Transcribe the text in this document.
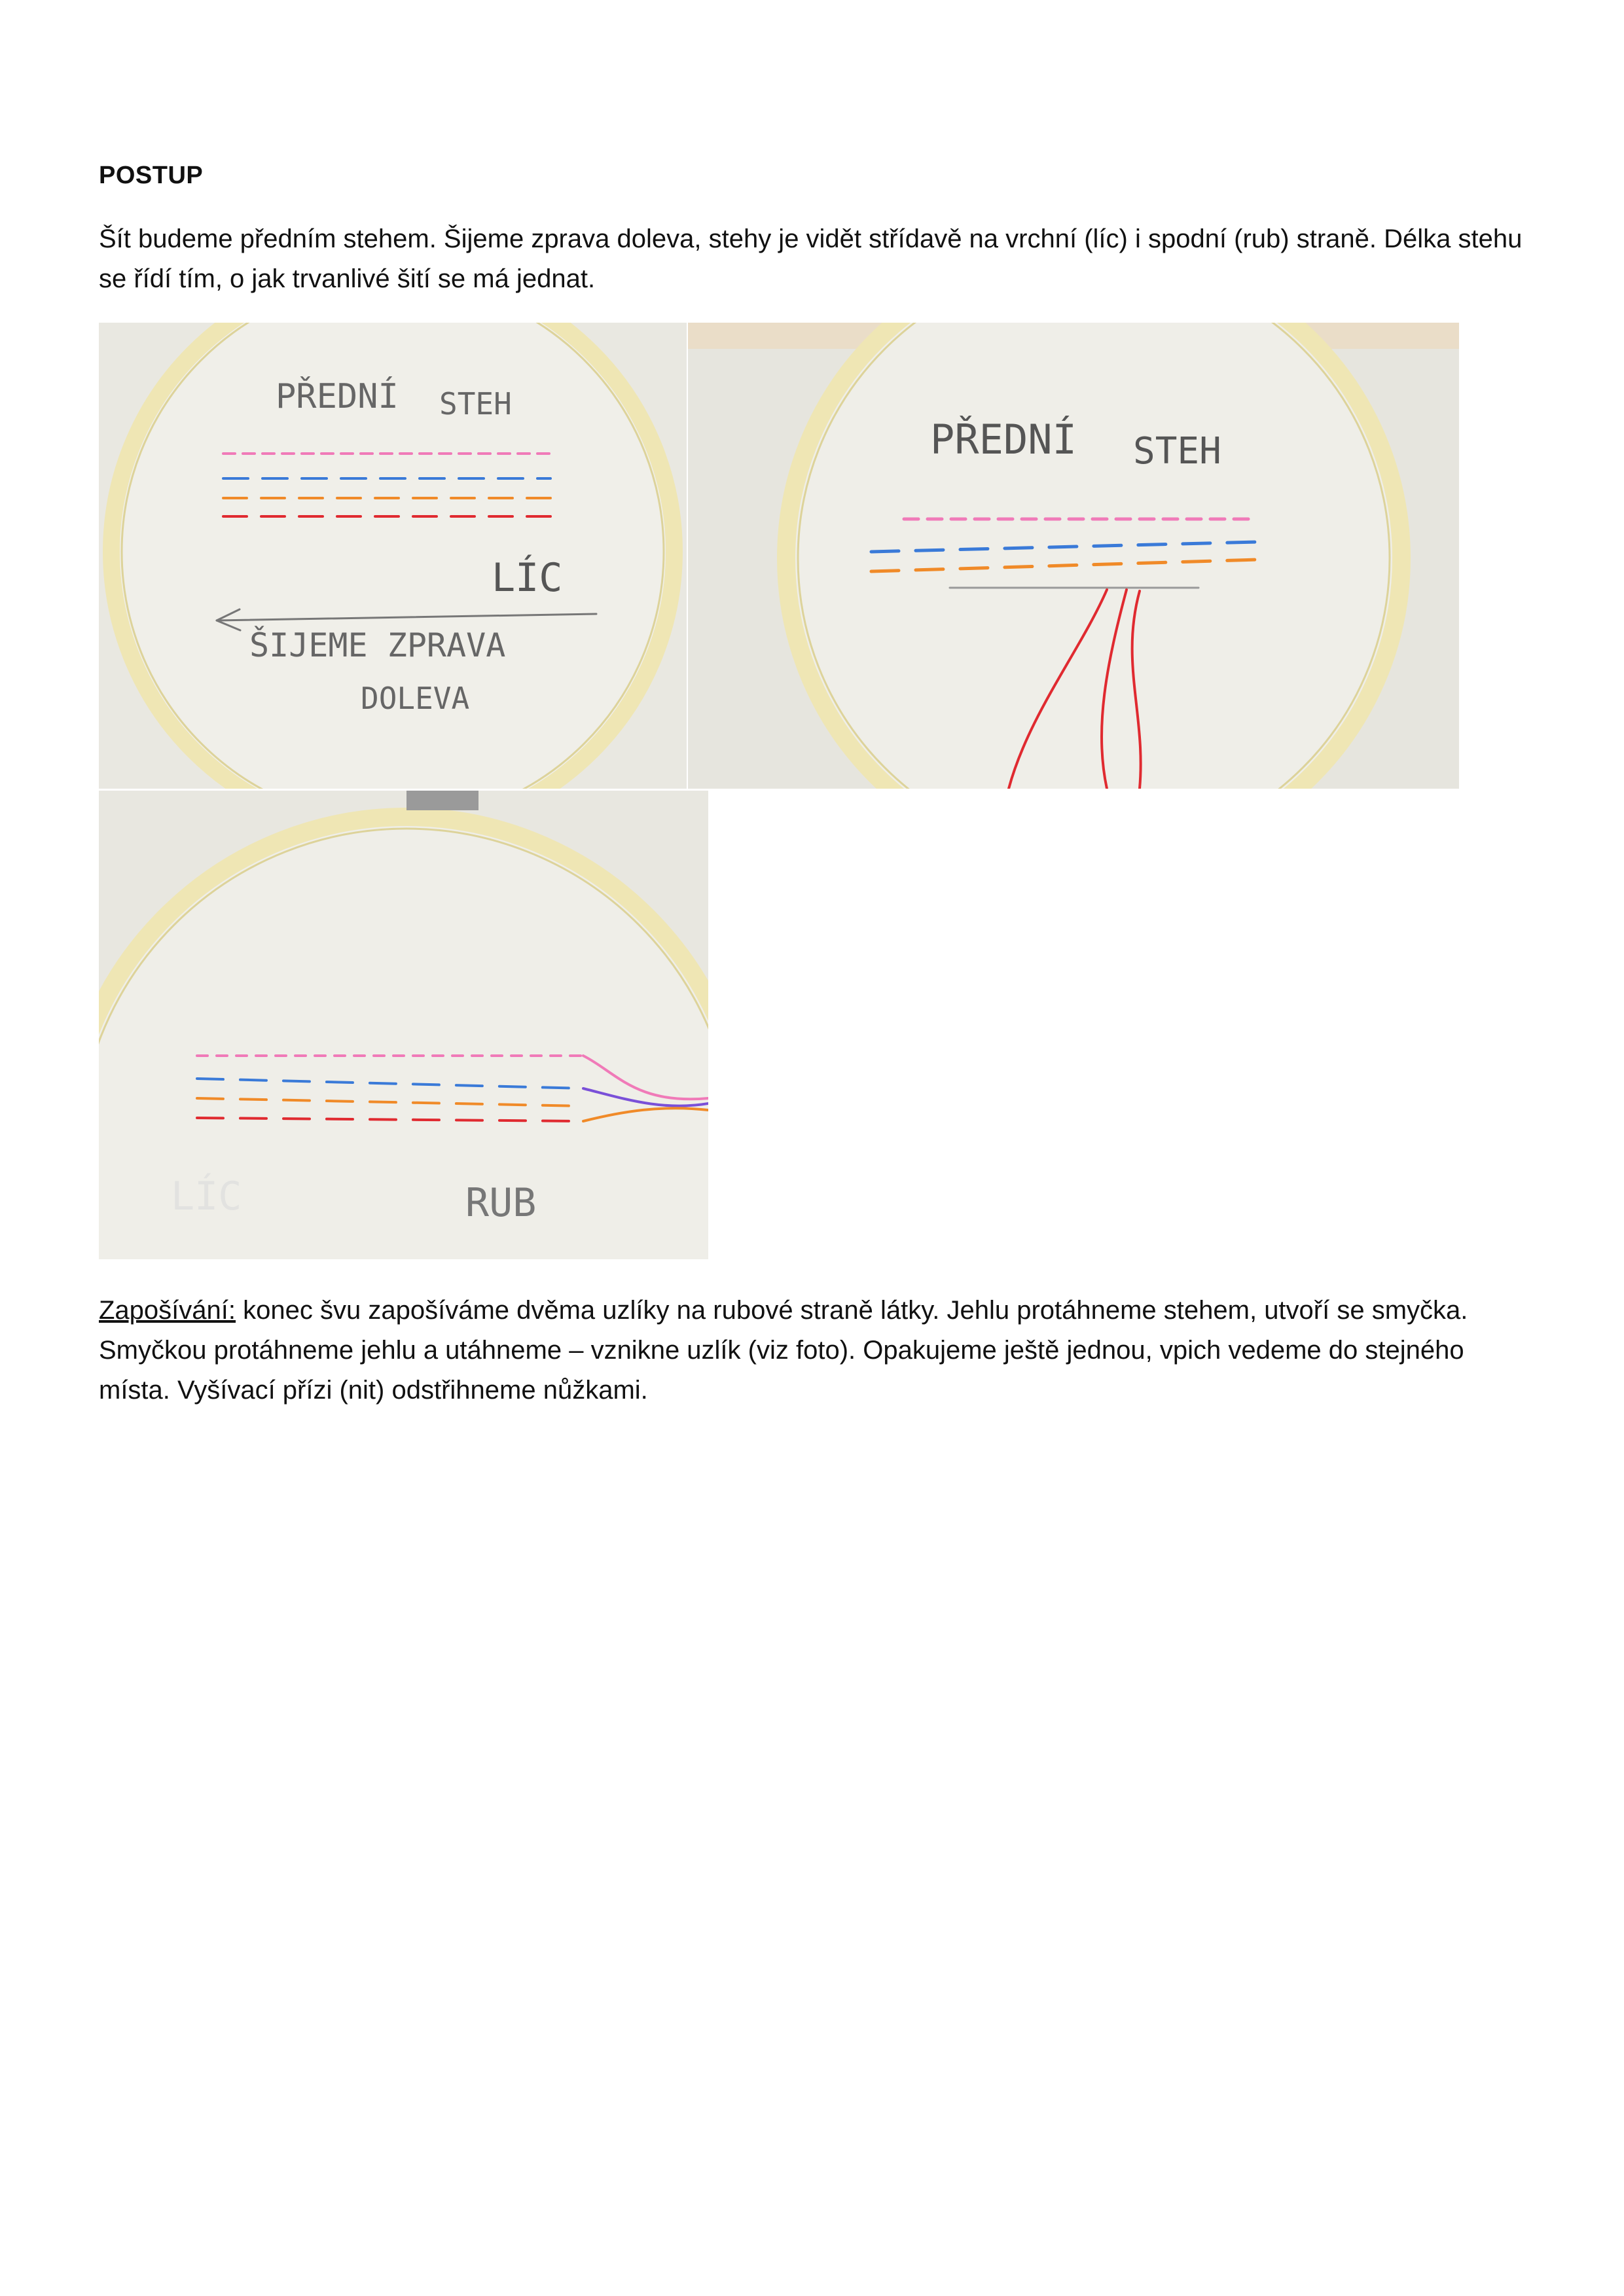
POSTUP
Šít budeme předním stehem. Šijeme zprava doleva, stehy je vidět střídavě na vrchní (líc) i spodní (rub) straně. Délka stehu se řídí tím, o jak trvanlivé šití se má jednat.
PŘEDNÍ STEH
LÍC
ŠIJEME ZPRAVA
DOLEVA
PŘEDNÍ STEH
RUB
LÍC
Zapošívání: konec švu zapošíváme dvěma uzlíky na rubové straně látky. Jehlu protáhneme stehem, utvoří se smyčka. Smyčkou protáhneme jehlu a utáhneme – vznikne uzlík (viz foto). Opakujeme ještě jednou, vpich vedeme do stejného místa. Vyšívací přízi (nit) odstřihneme nůžkami.
